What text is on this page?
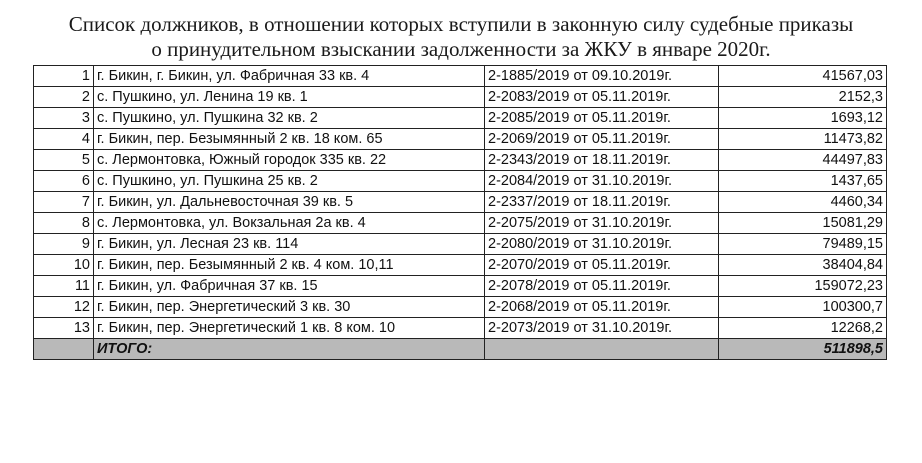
Список должников, в отношении которых вступили в законную силу судебные приказы
о принудительном взыскании задолженности за ЖКУ в январе 2020г.
1	г. Бикин, г. Бикин, ул. Фабричная 33 кв. 4	2-1885/2019 от 09.10.2019г.	41567,03
2	с. Пушкино, ул. Ленина 19 кв. 1	2-2083/2019 от 05.11.2019г.	2152,3
3	с. Пушкино, ул. Пушкина 32 кв. 2	2-2085/2019 от 05.11.2019г.	1693,12
4	г. Бикин, пер. Безымянный 2 кв. 18 ком. 65	2-2069/2019 от 05.11.2019г.	11473,82
5	с. Лермонтовка, Южный городок 335 кв. 22	2-2343/2019 от 18.11.2019г.	44497,83
6	с. Пушкино, ул. Пушкина 25 кв. 2	2-2084/2019 от 31.10.2019г.	1437,65
7	г. Бикин, ул. Дальневосточная 39 кв. 5	2-2337/2019 от 18.11.2019г.	4460,34
8	с. Лермонтовка, ул. Вокзальная 2а кв. 4	2-2075/2019 от 31.10.2019г.	15081,29
9	г. Бикин, ул. Лесная 23 кв. 114	2-2080/2019 от 31.10.2019г.	79489,15
10	г. Бикин, пер. Безымянный 2 кв. 4 ком. 10,11	2-2070/2019 от 05.11.2019г.	38404,84
11	г. Бикин, ул. Фабричная 37 кв. 15	2-2078/2019 от 05.11.2019г.	159072,23
12	г. Бикин, пер. Энергетический 3 кв. 30	2-2068/2019 от 05.11.2019г.	100300,7
13	г. Бикин, пер. Энергетический 1 кв. 8 ком. 10	2-2073/2019 от 31.10.2019г.	12268,2
	ИТОГО:		511898,5
